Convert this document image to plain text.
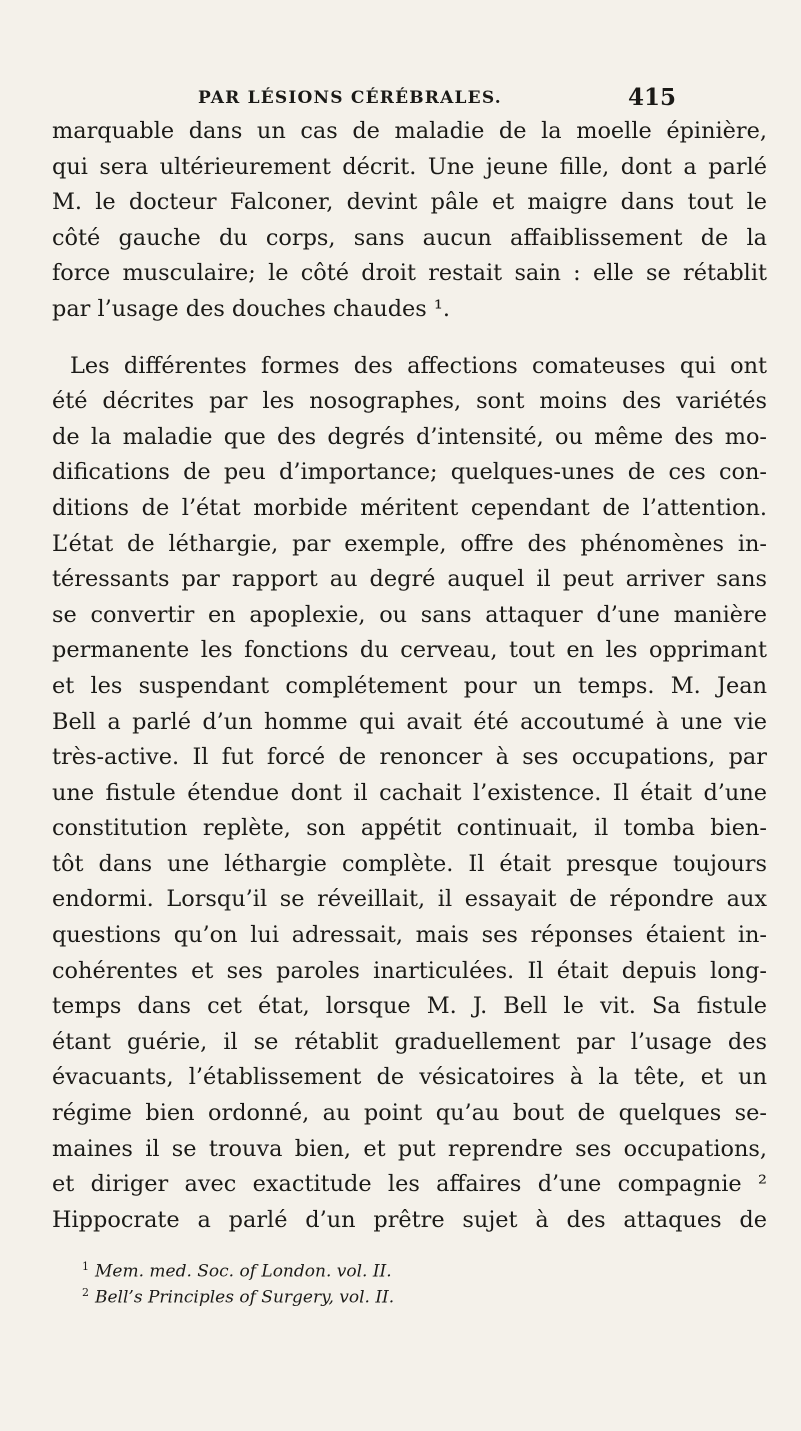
PAR LÉSIONS CÉRÉBRALES.	415
marquable dans un cas de maladie de la moelle épinière,
qui sera ultérieurement décrit. Une jeune fille, dont a parlé
M. le docteur Falconer, devint pâle et maigre dans tout le
côté gauche du corps, sans aucun affaiblissement de la
force musculaire; le côté droit restait sain : elle se rétablit
par l’usage des douches chaudes ¹.
Les différentes formes des affections comateuses qui ont
été décrites par les nosographes, sont moins des variétés
de la maladie que des degrés d’intensité, ou même des mo-
difications de peu d’importance; quelques-unes de ces con-
ditions de l’état morbide méritent cependant de l’attention.
L’état de léthargie, par exemple, offre des phénomènes in-
téressants par rapport au degré auquel il peut arriver sans
se convertir en apoplexie, ou sans attaquer d’une manière
permanente les fonctions du cerveau, tout en les opprimant
et les suspendant complétement pour un temps. M. Jean
Bell a parlé d’un homme qui avait été accoutumé à une vie
très-active. Il fut forcé de renoncer à ses occupations, par
une fistule étendue dont il cachait l’existence. Il était d’une
constitution replète, son appétit continuait, il tomba bien-
tôt dans une léthargie complète. Il était presque toujours
endormi. Lorsqu’il se réveillait, il essayait de répondre aux
questions qu’on lui adressait, mais ses réponses étaient in-
cohérentes et ses paroles inarticulées. Il était depuis long-
temps dans cet état, lorsque M. J. Bell le vit. Sa fistule
étant guérie, il se rétablit graduellement par l’usage des
évacuants, l’établissement de vésicatoires à la tête, et un
régime bien ordonné, au point qu’au bout de quelques se-
maines il se trouva bien, et put reprendre ses occupations,
et diriger avec exactitude les affaires d’une compagnie ²
Hippocrate a parlé d’un prêtre sujet à des attaques de
$^1$ Mem. med. Soc. of London. vol. II.
$^2$ Bell’s Principles of Surgery, vol. II.
